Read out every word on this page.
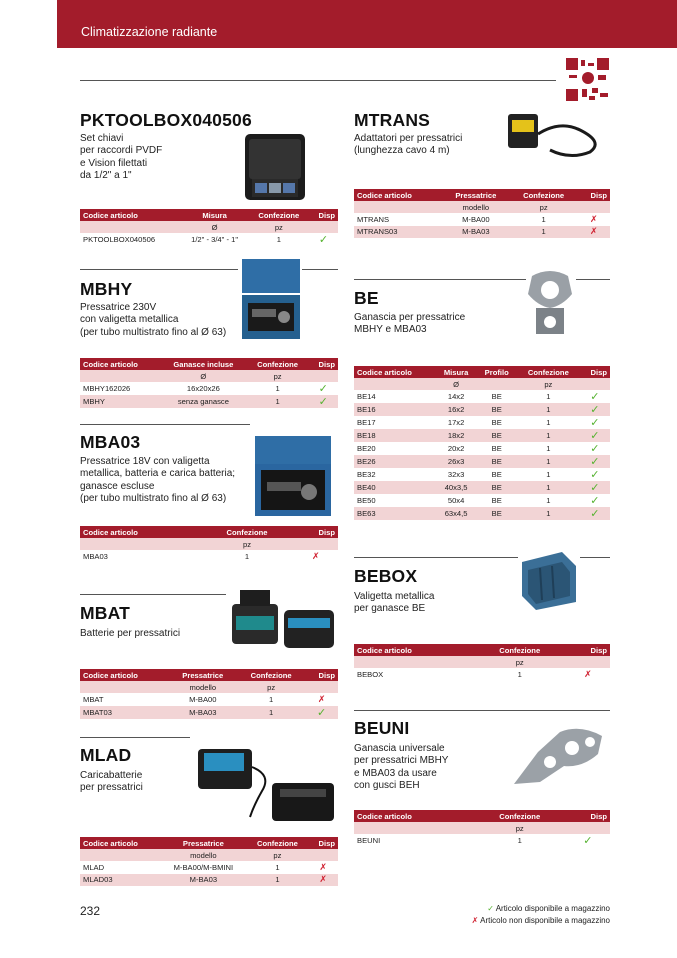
Climatizzazione radiante
PKTOOLBOX040506
Set chiavi
per raccordi PVDF
e Vision filettati
da 1/2" a 1"
Codice articolo	Misura	Confezione	Disp
	Ø	pz	
PKTOOLBOX040506	1/2" - 3/4" - 1"	1	✓
MBHY
Pressatrice 230V
con valigetta metallica
(per tubo multistrato fino al Ø 63)
Codice articolo	Ganasce incluse	Confezione	Disp
	Ø	pz	
MBHY162026	16x20x26	1	✓
MBHY	senza ganasce	1	✓
MBA03
Pressatrice 18V con valigetta
metallica, batteria e carica batteria;
ganasce escluse
(per tubo multistrato fino al Ø 63)
Codice articolo	Confezione	Disp
	pz	
MBA03	1	✗
MBAT
Batterie per pressatrici
Codice articolo	Pressatrice	Confezione	Disp
	modello	pz	
MBAT	M-BA00	1	✗
MBAT03	M-BA03	1	✓
MLAD
Caricabatterie
per pressatrici
Codice articolo	Pressatrice	Confezione	Disp
	modello	pz	
MLAD	M-BA00/M-BMINI	1	✗
MLAD03	M-BA03	1	✗
MTRANS
Adattatori per pressatrici
(lunghezza cavo 4 m)
Codice articolo	Pressatrice	Confezione	Disp
	modello	pz	
MTRANS	M-BA00	1	✗
MTRANS03	M-BA03	1	✗
BE
Ganascia per pressatrice
MBHY e MBA03
Codice articolo	Misura	Profilo	Confezione	Disp
	Ø		pz	
BE14	14x2	BE	1	✓
BE16	16x2	BE	1	✓
BE17	17x2	BE	1	✓
BE18	18x2	BE	1	✓
BE20	20x2	BE	1	✓
BE26	26x3	BE	1	✓
BE32	32x3	BE	1	✓
BE40	40x3,5	BE	1	✓
BE50	50x4	BE	1	✓
BE63	63x4,5	BE	1	✓
BEBOX
Valigetta metallica
per ganasce BE
Codice articolo	Confezione	Disp
	pz	
BEBOX	1	✗
BEUNI
Ganascia universale
per pressatrici MBHY
e MBA03 da usare
con gusci BEH
Codice articolo	Confezione	Disp
	pz	
BEUNI	1	✓
232	✓ Articolo disponibile a magazzino
✗ Articolo non disponibile a magazzino
